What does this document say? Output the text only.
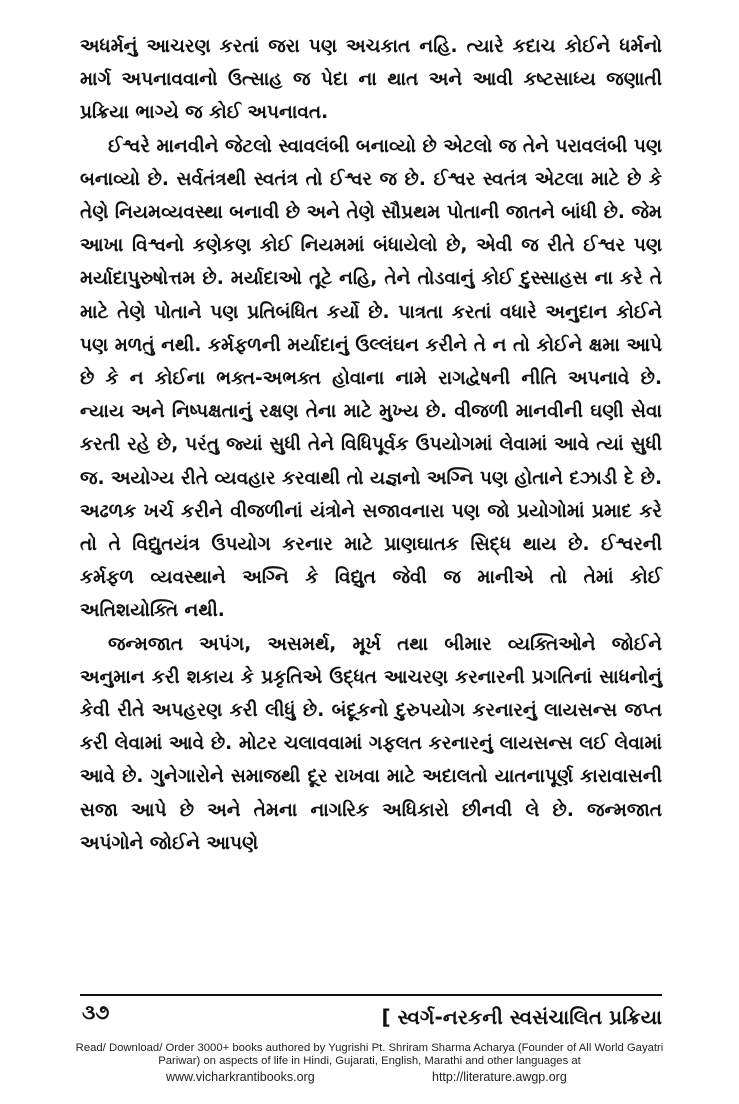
અધર્મનું આચરણ કરતાં જરા પણ અચકાત નહિ. ત્યારે કદાચ કોઈને ધર્મનો માર્ગ અપનાવવાનો ઉત્સાહ જ પેદા ના થાત અને આવી કષ્ટસાધ્ય જણાતી પ્રક્રિયા ભાગ્યે જ કોઈ અપનાવત.

ઈશ્વરે માનવીને જેટલો સ્વાવલંબી બનાવ્યો છે એટલો જ તેને પરાવલંબી પણ બનાવ્યો છે. સર્વતંત્રથી સ્વતંત્ર તો ઈશ્વર જ છે. ઈશ્વર સ્વતંત્ર એટલા માટે છે કે તેણે નિયમવ્યવસ્થા બનાવી છે અને તેણે સૌપ્રથમ પોતાની જાતને બાંધી છે. જેમ આખા વિશ્વનો કણેકણ કોઈ નિયમમાં બંધાયેલો છે, એવી જ રીતે ઈશ્વર પણ મર્યાદાપુરુષોત્તમ છે. મર્યાદાઓ તૂટે નહિ, તેને તોડવાનું કોઈ દુસ્સાહસ ના કરે તે માટે તેણે પોતાને પણ પ્રતિબંધિત કર્યો છે. પાત્રતા કરતાં વધારે અનુદાન કોઈને પણ મળતું નથી. કર્મફળની મર્યાદાનું ઉલ્લંઘન કરીને તે ન તો કોઈને ક્ષમા આપે છે કે ન કોઈના ભક્ત-અભક્ત હોવાના નામે રાગદ્વેષની નીતિ અપનાવે છે. ન્યાય અને નિષ્પક્ષતાનું રક્ષણ તેના માટે મુખ્ય છે. વીજળી માનવીની ઘણી સેવા કરતી રહે છે, પરંતુ જ્યાં સુધી તેને વિધિપૂર્વક ઉપયોગમાં લેવામાં આવે ત્યાં સુધી જ. અયોગ્ય રીતે વ્યવહાર કરવાથી તો યજ્ઞનો અગ્નિ પણ હોતાને દઝાડી દે છે. અઢળક ખર્ચ કરીને વીજળીનાં યંત્રોને સજાવનારા પણ જો પ્રયોગોમાં પ્રમાદ કરે તો તે વિદ્યુતયંત્ર ઉપયોગ કરનાર માટે પ્રાણઘાતક સિદ્ધ થાય છે. ઈશ્વરની કર્મફળ વ્યવસ્થાને અગ્નિ કે વિદ્યુત જેવી જ માનીએ તો તેમાં કોઈ અતિશયોક્તિ નથી.

જન્મજાત અપંગ, અસમર્થ, મૂર્ખ તથા બીમાર વ્યક્તિઓને જોઈને અનુમાન કરી શકાય કે પ્રકૃતિએ ઉદ્ધત આચરણ કરનારની પ્રગતિનાં સાધનોનું કેવી રીતે અપહરણ કરી લીધું છે. બંદૂકનો દુરુપયોગ કરનારનું લાયસન્સ જપ્ત કરી લેવામાં આવે છે. મોટર ચલાવવામાં ગફલત કરનારનું લાયસન્સ લઈ લેવામાં આવે છે. ગુનેગારોને સમાજથી દૂર રાખવા માટે અદાલતો યાતનાપૂર્ણ કારાવાસની સજા આપે છે અને તેમના નાગરિક અધિકારો છીનવી લે છે. જન્મજાત અપંગોને જોઈને આપણે

૩૭	[ સ્વર્ગ-નરકની સ્વસંચાલિત પ્રક્રિયા
Read/ Download/ Order 3000+ books authored by Yugrishi Pt. Shriram Sharma Acharya (Founder of All World Gayatri Pariwar) on aspects of life in Hindi, Gujarati, English, Marathi and other languages at
www.vicharkrantibooks.org	http://literature.awgp.org
